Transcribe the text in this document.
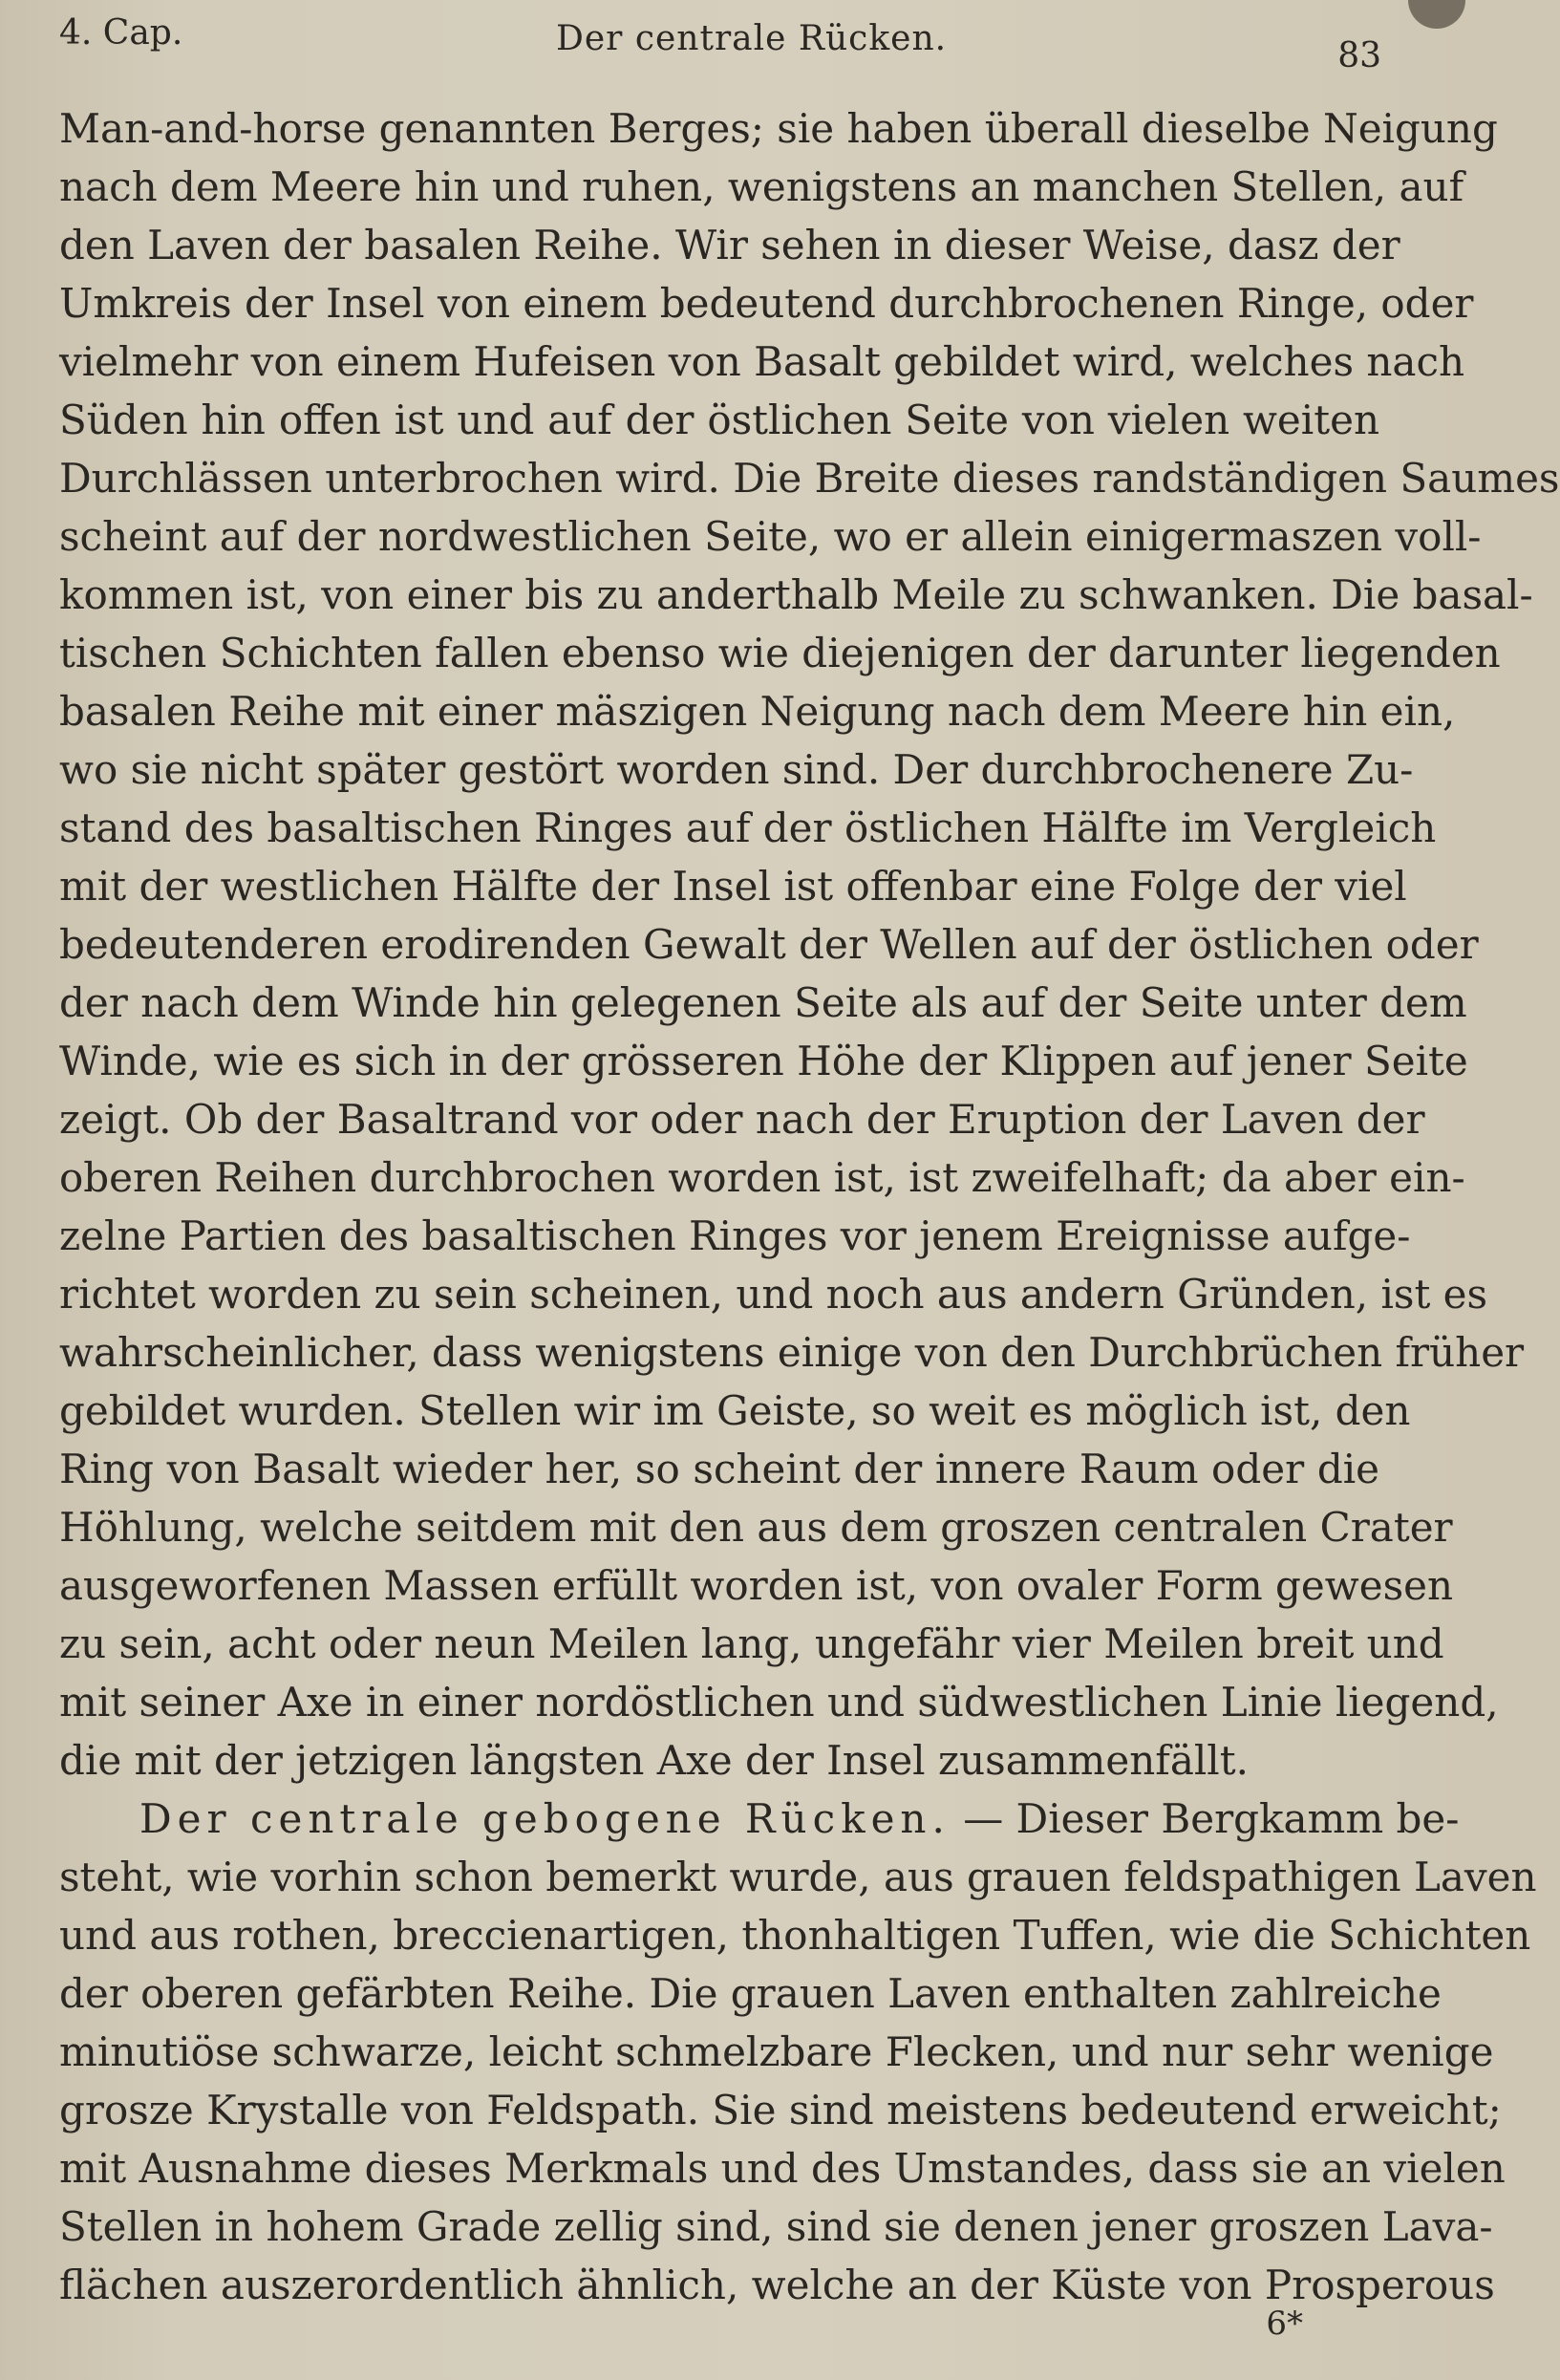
4. Cap.	Der centrale Rücken.	83
Man-and-horse genannten Berges; sie haben überall dieselbe Neigung
nach dem Meere hin und ruhen, wenigstens an manchen Stellen, auf
den Laven der basalen Reihe. Wir sehen in dieser Weise, dasz der
Umkreis der Insel von einem bedeutend durchbrochenen Ringe, oder
vielmehr von einem Hufeisen von Basalt gebildet wird, welches nach
Süden hin offen ist und auf der östlichen Seite von vielen weiten
Durchlässen unterbrochen wird. Die Breite dieses randständigen Saumes
scheint auf der nordwestlichen Seite, wo er allein einigermaszen voll-
kommen ist, von einer bis zu anderthalb Meile zu schwanken. Die basal-
tischen Schichten fallen ebenso wie diejenigen der darunter liegenden
basalen Reihe mit einer mäszigen Neigung nach dem Meere hin ein,
wo sie nicht später gestört worden sind. Der durchbrochenere Zu-
stand des basaltischen Ringes auf der östlichen Hälfte im Vergleich
mit der westlichen Hälfte der Insel ist offenbar eine Folge der viel
bedeutenderen erodirenden Gewalt der Wellen auf der östlichen oder
der nach dem Winde hin gelegenen Seite als auf der Seite unter dem
Winde, wie es sich in der grösseren Höhe der Klippen auf jener Seite
zeigt. Ob der Basaltrand vor oder nach der Eruption der Laven der
oberen Reihen durchbrochen worden ist, ist zweifelhaft; da aber ein-
zelne Partien des basaltischen Ringes vor jenem Ereignisse aufge-
richtet worden zu sein scheinen, und noch aus andern Gründen, ist es
wahrscheinlicher, dass wenigstens einige von den Durchbrüchen früher
gebildet wurden. Stellen wir im Geiste, so weit es möglich ist, den
Ring von Basalt wieder her, so scheint der innere Raum oder die
Höhlung, welche seitdem mit den aus dem groszen centralen Crater
ausgeworfenen Massen erfüllt worden ist, von ovaler Form gewesen
zu sein, acht oder neun Meilen lang, ungefähr vier Meilen breit und
mit seiner Axe in einer nordöstlichen und südwestlichen Linie liegend,
die mit der jetzigen längsten Axe der Insel zusammenfällt.
Der centrale gebogene Rücken. — Dieser Bergkamm be-
steht, wie vorhin schon bemerkt wurde, aus grauen feldspathigen Laven
und aus rothen, breccienartigen, thonhaltigen Tuffen, wie die Schichten
der oberen gefärbten Reihe. Die grauen Laven enthalten zahlreiche
minutiöse schwarze, leicht schmelzbare Flecken, und nur sehr wenige
grosze Krystalle von Feldspath. Sie sind meistens bedeutend erweicht;
mit Ausnahme dieses Merkmals und des Umstandes, dass sie an vielen
Stellen in hohem Grade zellig sind, sind sie denen jener groszen Lava-
flächen auszerordentlich ähnlich, welche an der Küste von Prosperous
6*
